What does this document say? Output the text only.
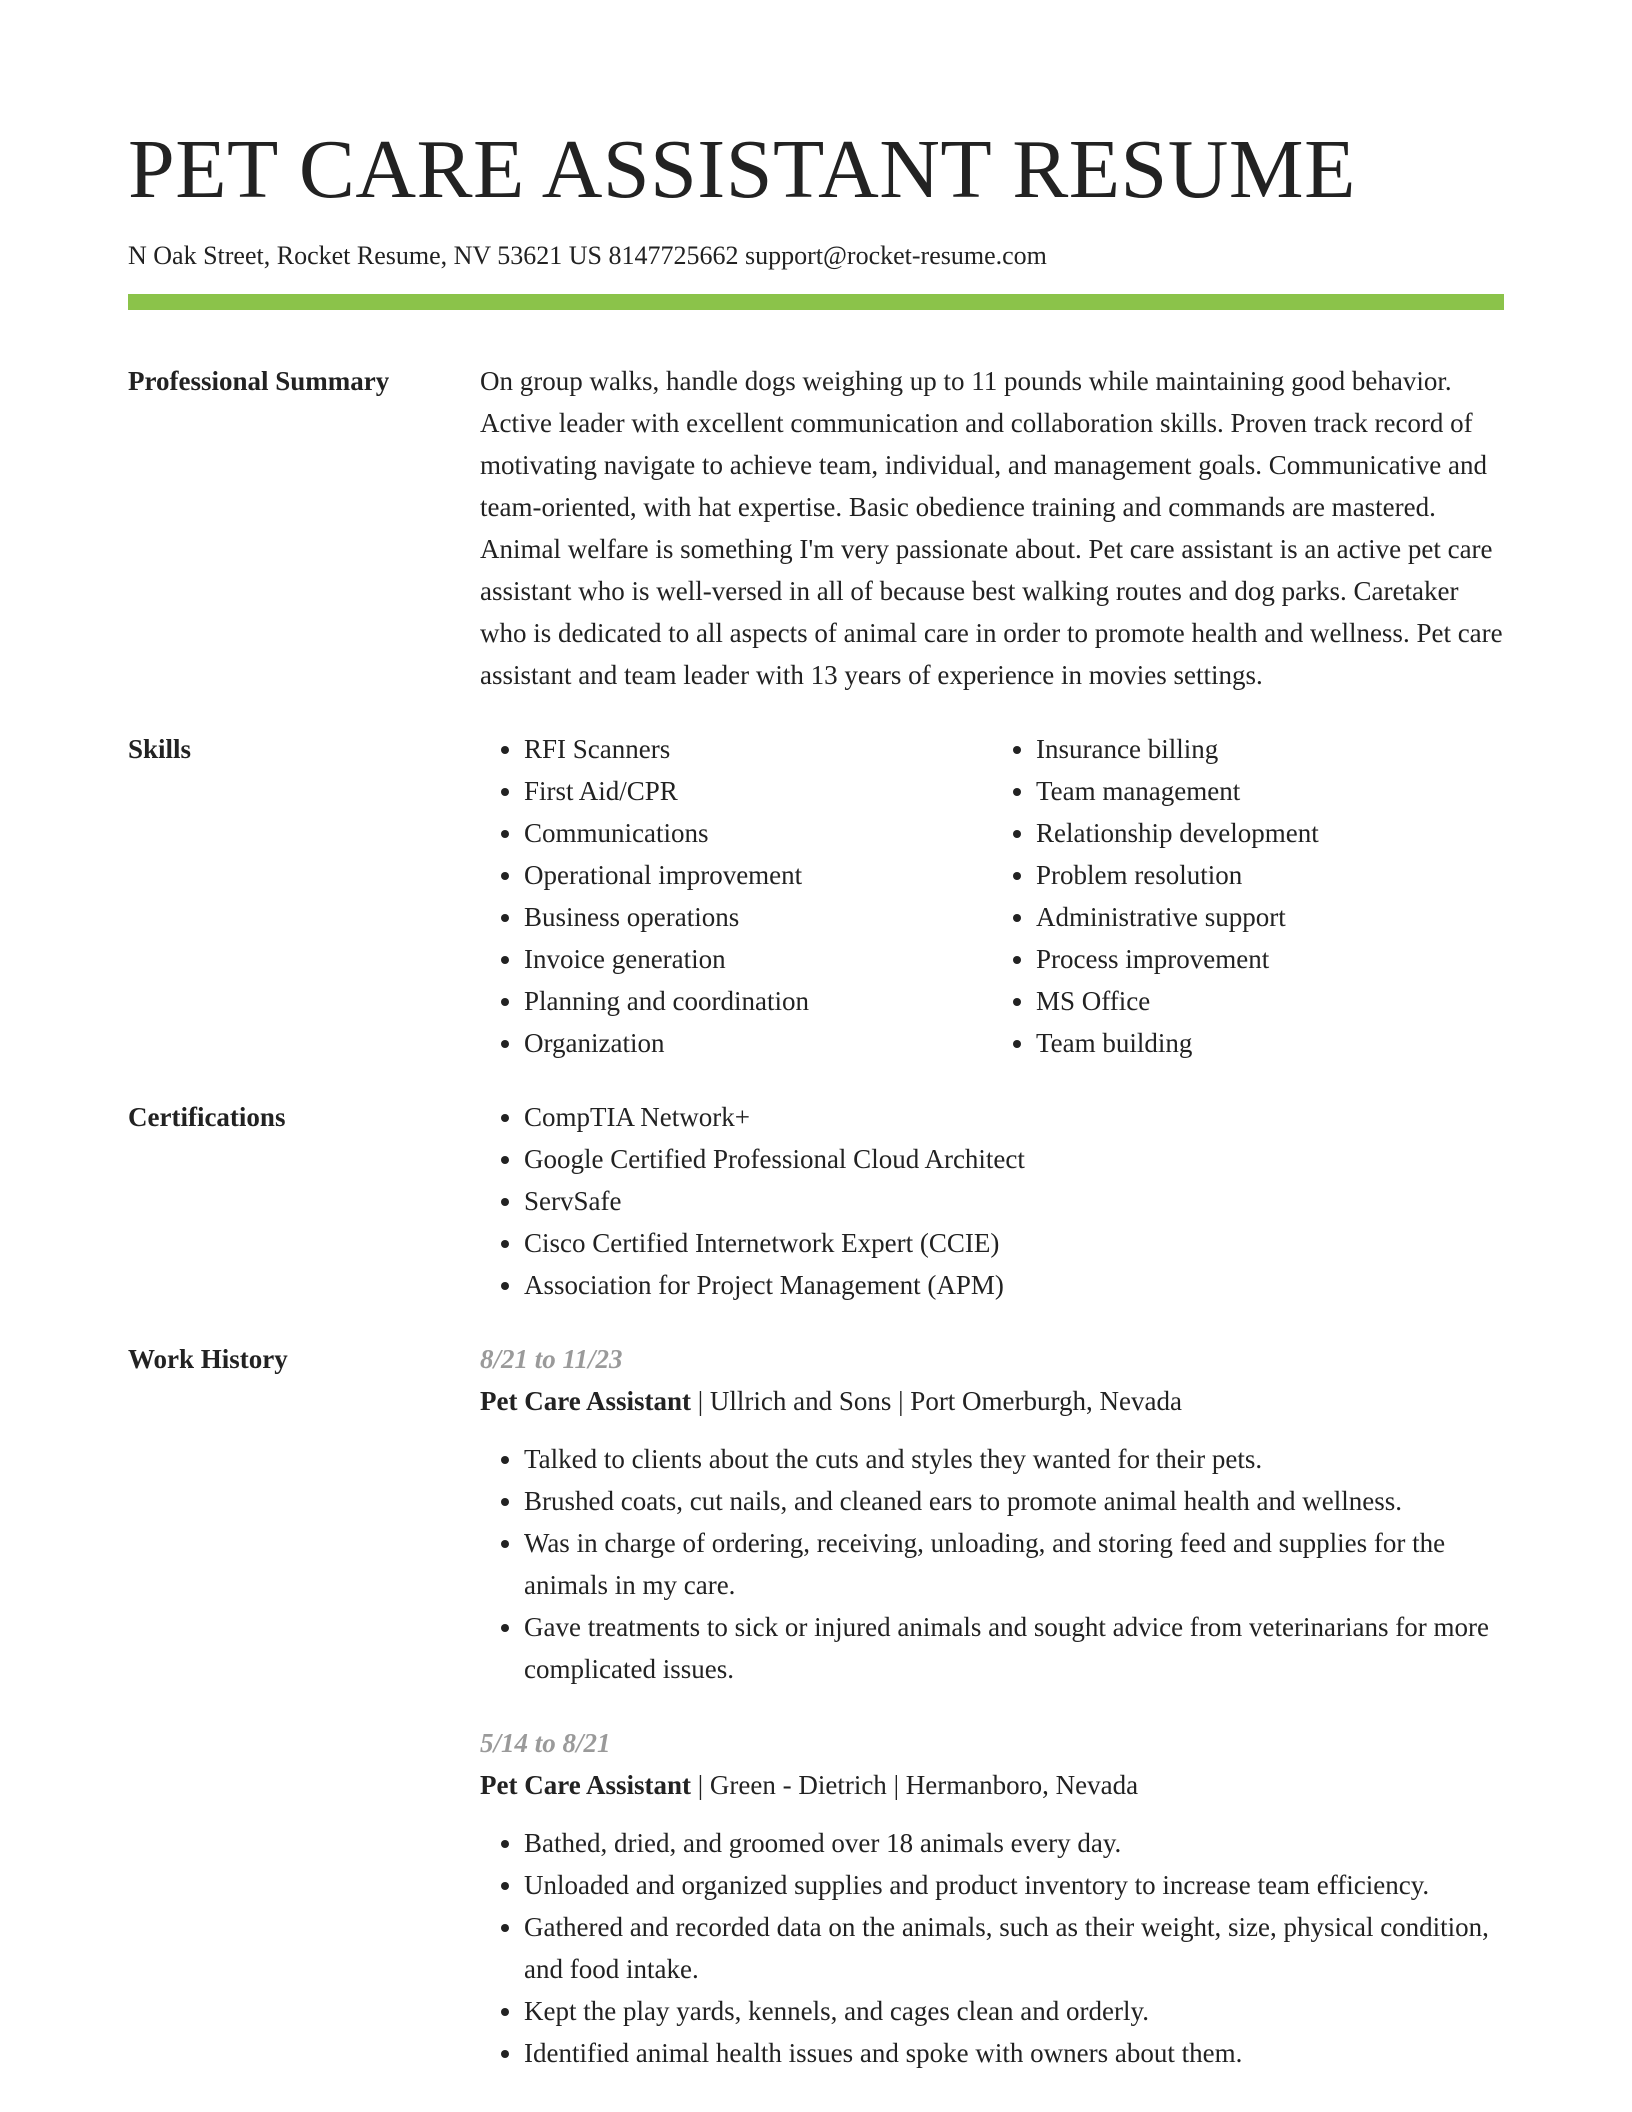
PET CARE ASSISTANT RESUME
N Oak Street, Rocket Resume, NV 53621 US 8147725662 support@rocket-resume.com
Professional Summary	On group walks, handle dogs weighing up to 11 pounds while maintaining good behavior. Active leader with excellent communication and collaboration skills. Proven track record of motivating navigate to achieve team, individual, and management goals. Communicative and team-oriented, with hat expertise. Basic obedience training and commands are mastered. Animal welfare is something I'm very passionate about. Pet care assistant is an active pet care assistant who is well-versed in all of because best walking routes and dog parks. Caretaker who is dedicated to all aspects of animal care in order to promote health and wellness. Pet care assistant and team leader with 13 years of experience in movies settings.

Skills	• RFI Scanners
• First Aid/CPR
• Communications
• Operational improvement
• Business operations
• Invoice generation
• Planning and coordination
• Organization
• Insurance billing
• Team management
• Relationship development
• Problem resolution
• Administrative support
• Process improvement
• MS Office
• Team building
Certifications	• CompTIA Network+
• Google Certified Professional Cloud Architect
• ServSafe
• Cisco Certified Internetwork Expert (CCIE)
• Association for Project Management (APM)
Work History	8/21 to 11/23
Pet Care Assistant | Ullrich and Sons | Port Omerburgh, Nevada
• Talked to clients about the cuts and styles they wanted for their pets.
• Brushed coats, cut nails, and cleaned ears to promote animal health and wellness.
• Was in charge of ordering, receiving, unloading, and storing feed and supplies for the animals in my care.
• Gave treatments to sick or injured animals and sought advice from veterinarians for more complicated issues.
5/14 to 8/21
Pet Care Assistant | Green - Dietrich | Hermanboro, Nevada
• Bathed, dried, and groomed over 18 animals every day.
• Unloaded and organized supplies and product inventory to increase team efficiency.
• Gathered and recorded data on the animals, such as their weight, size, physical condition, and food intake.
• Kept the play yards, kennels, and cages clean and orderly.
• Identified animal health issues and spoke with owners about them.
